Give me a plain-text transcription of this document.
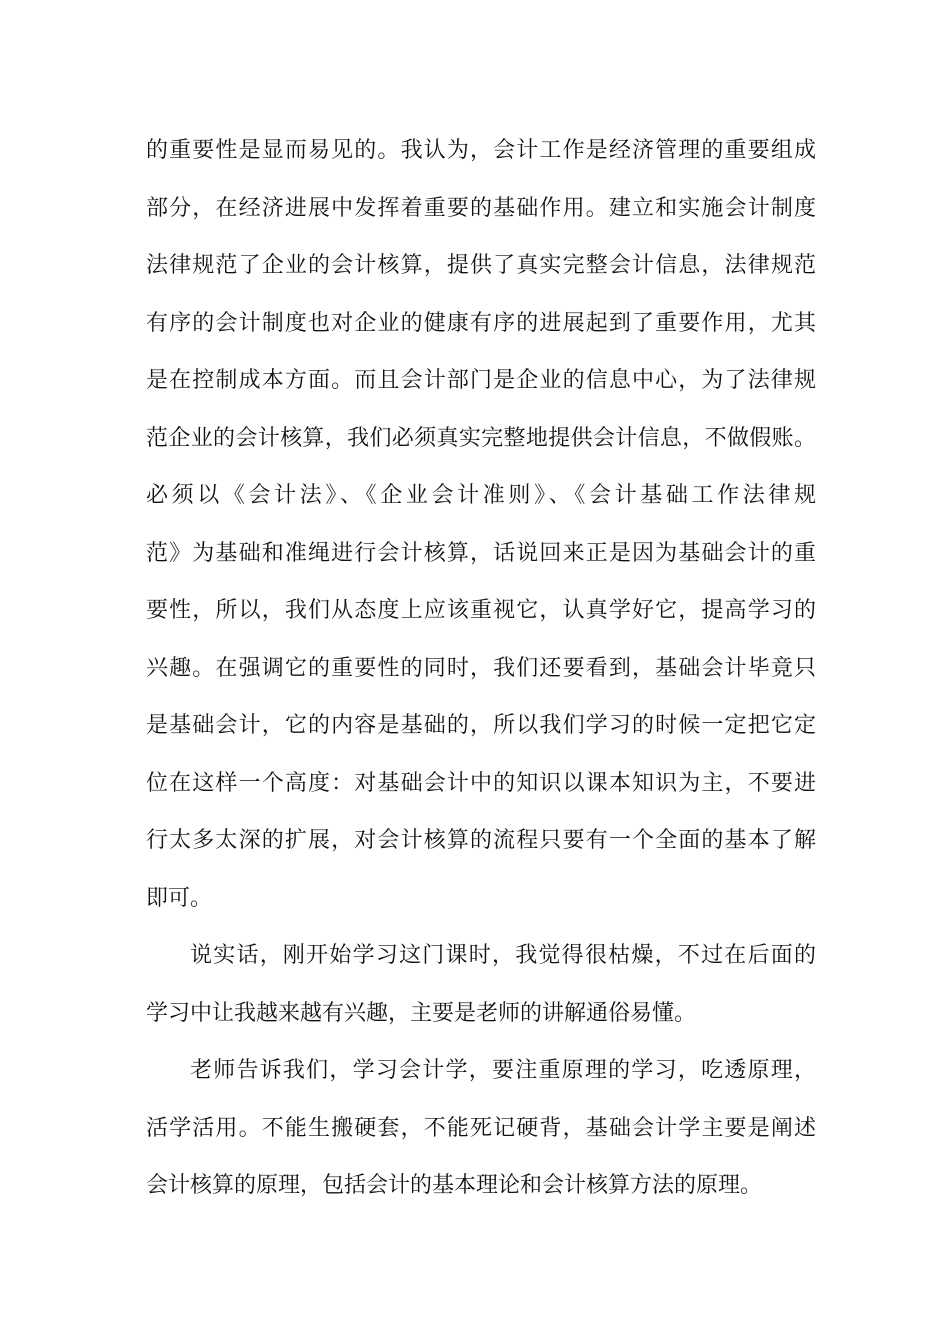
的重要性是显而易见的。我认为，会计工作是经济管理的重要组成
部分，在经济进展中发挥着重要的基础作用。建立和实施会计制度
法律规范了企业的会计核算，提供了真实完整会计信息，法律规范
有序的会计制度也对企业的健康有序的进展起到了重要作用，尤其
是在控制成本方面。而且会计部门是企业的信息中心，为了法律规
范企业的会计核算，我们必须真实完整地提供会计信息，不做假账。
必须以《会计法》、《企业会计准则》、《会计基础工作法律规
范》为基础和准绳进行会计核算，话说回来正是因为基础会计的重
要性，所以，我们从态度上应该重视它，认真学好它，提高学习的
兴趣。在强调它的重要性的同时，我们还要看到，基础会计毕竟只
是基础会计，它的内容是基础的，所以我们学习的时候一定把它定
位在这样一个高度：对基础会计中的知识以课本知识为主，不要进
行太多太深的扩展，对会计核算的流程只要有一个全面的基本了解
即可。
说实话，刚开始学习这门课时，我觉得很枯燥，不过在后面的
学习中让我越来越有兴趣，主要是老师的讲解通俗易懂。
老师告诉我们，学习会计学，要注重原理的学习，吃透原理，
活学活用。不能生搬硬套，不能死记硬背，基础会计学主要是阐述
会计核算的原理，包括会计的基本理论和会计核算方法的原理。
